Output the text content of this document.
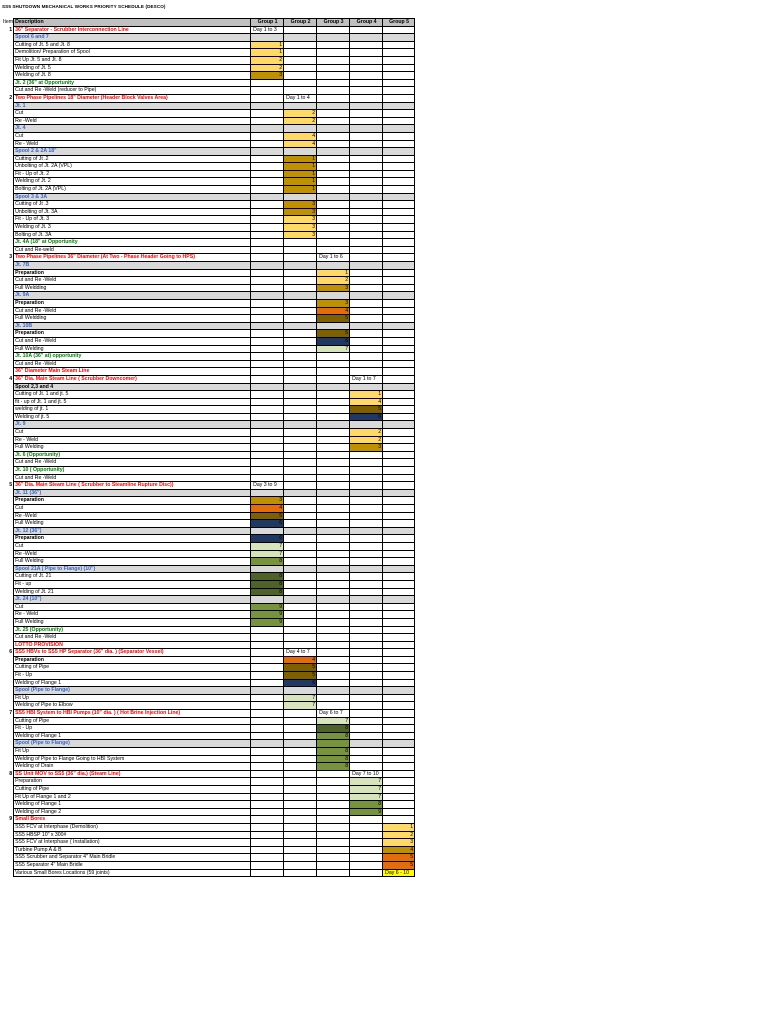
SS5 SHUTDOWN MECHANICAL WORKS PRIORITY SCHEDULE (DESCO)
Item	Description	Group 1	Group 2	Group 3	Group 4	Group 5
1	36" Separator - Scrubber Interconnection Line	Day 1 to 3				
	Spool 6 and 7					
	Cutting of Jt. 5 and Jt. 8	1				
	Demolition/ Preparation of Spool	1				
	Fit Up Jt. 5 and Jt. 8	2				
	Welding of Jt. 5	2				
	Welding of Jt. 8	3				
	Jt. 2 (36" at Opportunity					
	Cut and Re -Weld (reducer to Pipe)					
2	Two Phase Pipelines 18" Diameter (Header Block Valves Area)		Day 1 to 4			
	Jt. 1					
	Cut		2			
	Re -Weld		2			
	Jt. 4					
	Cut		4			
	Re - Weld		4			
	Spool 2 & 2A 18"					
	Cutting of Jt .2		1			
	Unbolting of Jt. 2A (VPL)		1			
	Fit - Up of Jt. 2		1			
	Welding of Jt. 2		1			
	Bolting of Jt. 2A (VPL)		1			
	Spool 3 & 3A					
	Cutting of Jt .3		3			
	Unbolting of Jt. 3A		3			
	Fit - Up of Jt. 3		3			
	Welding of Jt. 3		3			
	Bolting of Jt. 3A		3			
	Jt. 4A (18" at Opportunity					
	Cut and Re-weld					
3	Two Phase Pipelines 36" Diameter (At Two - Phase Header Going to HPS)			Day 1 to 6		
	Jt. 7B					
	Preparation			1		
	Cut and Re -Weld			2		
	Full Weldding			3		
	Jt. 9A					
	Preparation			3		
	Cut and Re -Weld			4		
	Full Weldding			5		
	Jt. 10B					
	Preparation			5		
	Cut and Re -Weld			6		
	Full Welding			7		
	Jt. 10A (36" at) opportunity					
	Cut and Re -Weld					
	36" Diameter Main Steam Line					
4	36" Dia. Main Steam Line ( Scrubber Downcomer)				Day 1 to 7	
	Spool 2,3 and 4					
	Cutting of Jt. 1 and jt. 5				1	
	fit - up of Jt. 1 and jt. 5				4	
	welding of jt. 1				5	
	Welding of jt. 5				6	
	Jt. 9					
	Cut				2	
	Re - Weld				2	
	Full Welding				3	
	Jt. 6 (Opportunity)					
	Cut and Re -Weld					
	Jt. 10 ( Opportunity)					
	Cut and Re -Weld					
5	36" Dia. Main Steam Line ( Scrubber to Steamline Rupture Disc))	Day 3 to 9				
	Jt. 11 (36")					
	Preparation	3				
	Cut	4				
	Re -Weld	5				
	Full Welding	6				
	Jt. 12 (36")					
	Preparation	6				
	Cut	7				
	Re -Weld	7				
	Full Welding	8				
	Spool 21A ( Pipe to Flange) (10")					
	Cutting of Jt. 21	8				
	Fit - up	8				
	Welding of Jt. 21	8				
	Jt. 24 (10")					
	Cut	9				
	Re - Weld	9				
	Full Welding	9				
	Jt. 25 (Opportunity)					
	Cut and Re -Weld					
	LOTTO PROVISION					
6	SS5 HBVs to SS5 HP Separator (36" dia. ) (Separator Vessel)		Day 4 to 7			
	Preparation		4			
	Cutting of Pipe		5			
	Fit - Up		5			
	Welding of Flange 1		6			
	Spool (Pipe to Flange)					
	Fit Up		7			
	Welding of Pipe to Elbow		7			
7	SS5 HBI System to HBI Pumps (10" dia. ) ( Hot Brine Injection Line)			Day 6 to 7		
	Cutting of Pipe			7		
	Fit - Up			8		
	Welding of Flange 1			8		
	Spool (Pipe to Flange)					
	Fit Up			8		
	Welding of Pipe to Flange Going to HBI System			8		
	Welding of Drain			8		
8	SS Unit MOV to SS5 (36" dia.) (Steam Line)				Day 7 to 10	
	Preparation				7	
	Cutting of Pipe				7	
	Fit Up of Flange 1 and 2				7	
	Welding of Flange 1				8	
	Welding of Flange 2				9	
9	Small Bores					
	SS5 FCV at Interphase (Demolition)					1
	SS5 HBSP 10" x 300#					2
	SS5 FCV at Interphase ( Installation)					3
	Turbine Pump A & B					4
	SS5 Scrubber and Separator 4" Main Bridle					5
	SS5 Separator 4" Main Bridle					5
	Various Small Bores Locations (59 joints)					Day 6 - 10
